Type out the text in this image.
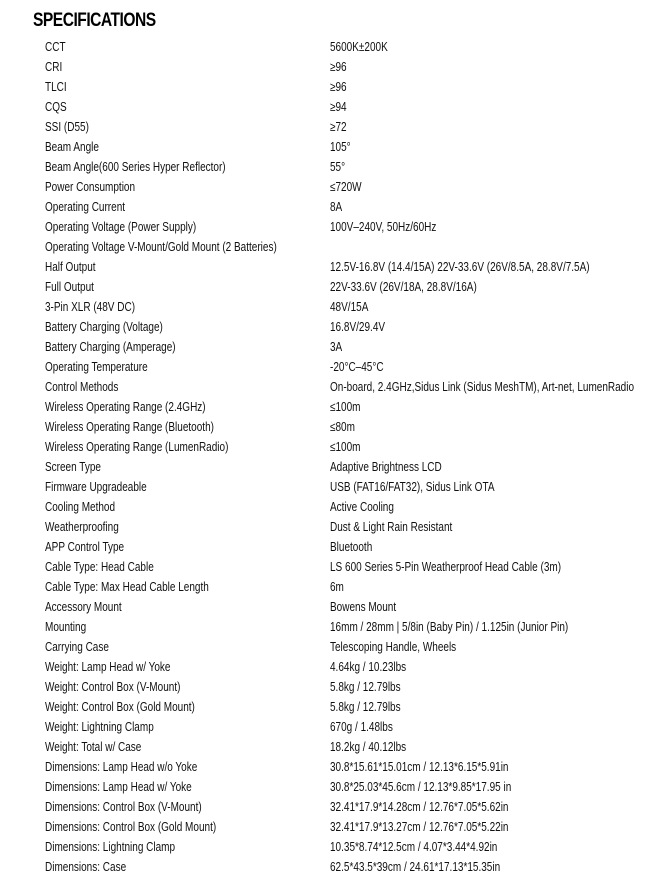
SPECIFICATIONS
CCT	5600K±200K
CRI	≥96
TLCI	≥96
CQS	≥94
SSI (D55)	≥72
Beam Angle	105°
Beam Angle(600 Series Hyper Reflector)	55°
Power Consumption	≤720W
Operating Current	8A
Operating Voltage (Power Supply)	100V–240V, 50Hz/60Hz
Operating Voltage V-Mount/Gold Mount (2 Batteries)
Half Output	12.5V-16.8V (14.4/15A) 22V-33.6V (26V/8.5A, 28.8V/7.5A)
Full Output	22V-33.6V (26V/18A, 28.8V/16A)
3-Pin XLR (48V DC)	48V/15A
Battery Charging (Voltage)	16.8V/29.4V
Battery Charging (Amperage)	3A
Operating Temperature	-20°C–45°C
Control Methods	On-board, 2.4GHz,Sidus Link (Sidus MeshTM), Art-net, LumenRadio
Wireless Operating Range (2.4GHz)	≤100m
Wireless Operating Range (Bluetooth)	≤80m
Wireless Operating Range (LumenRadio)	≤100m
Screen Type	Adaptive Brightness LCD
Firmware Upgradeable	USB (FAT16/FAT32), Sidus Link OTA
Cooling Method	Active Cooling
Weatherproofing	Dust & Light Rain Resistant
APP Control Type	Bluetooth
Cable Type: Head Cable	LS 600 Series 5-Pin Weatherproof Head Cable (3m)
Cable Type: Max Head Cable Length	6m
Accessory Mount	Bowens Mount
Mounting	16mm / 28mm | 5/8in (Baby Pin) / 1.125in (Junior Pin)
Carrying Case	Telescoping Handle, Wheels
Weight: Lamp Head w/ Yoke	4.64kg / 10.23lbs
Weight: Control Box (V-Mount)	5.8kg / 12.79lbs
Weight: Control Box (Gold Mount)	5.8kg / 12.79lbs
Weight: Lightning Clamp	670g / 1.48lbs
Weight: Total w/ Case	18.2kg / 40.12lbs
Dimensions: Lamp Head w/o Yoke	30.8*15.61*15.01cm / 12.13*6.15*5.91in
Dimensions: Lamp Head w/ Yoke	30.8*25.03*45.6cm / 12.13*9.85*17.95 in
Dimensions: Control Box (V-Mount)	32.41*17.9*14.28cm / 12.76*7.05*5.62in
Dimensions: Control Box (Gold Mount)	32.41*17.9*13.27cm / 12.76*7.05*5.22in
Dimensions: Lightning Clamp	10.35*8.74*12.5cm / 4.07*3.44*4.92in
Dimensions: Case	62.5*43.5*39cm / 24.61*17.13*15.35in
